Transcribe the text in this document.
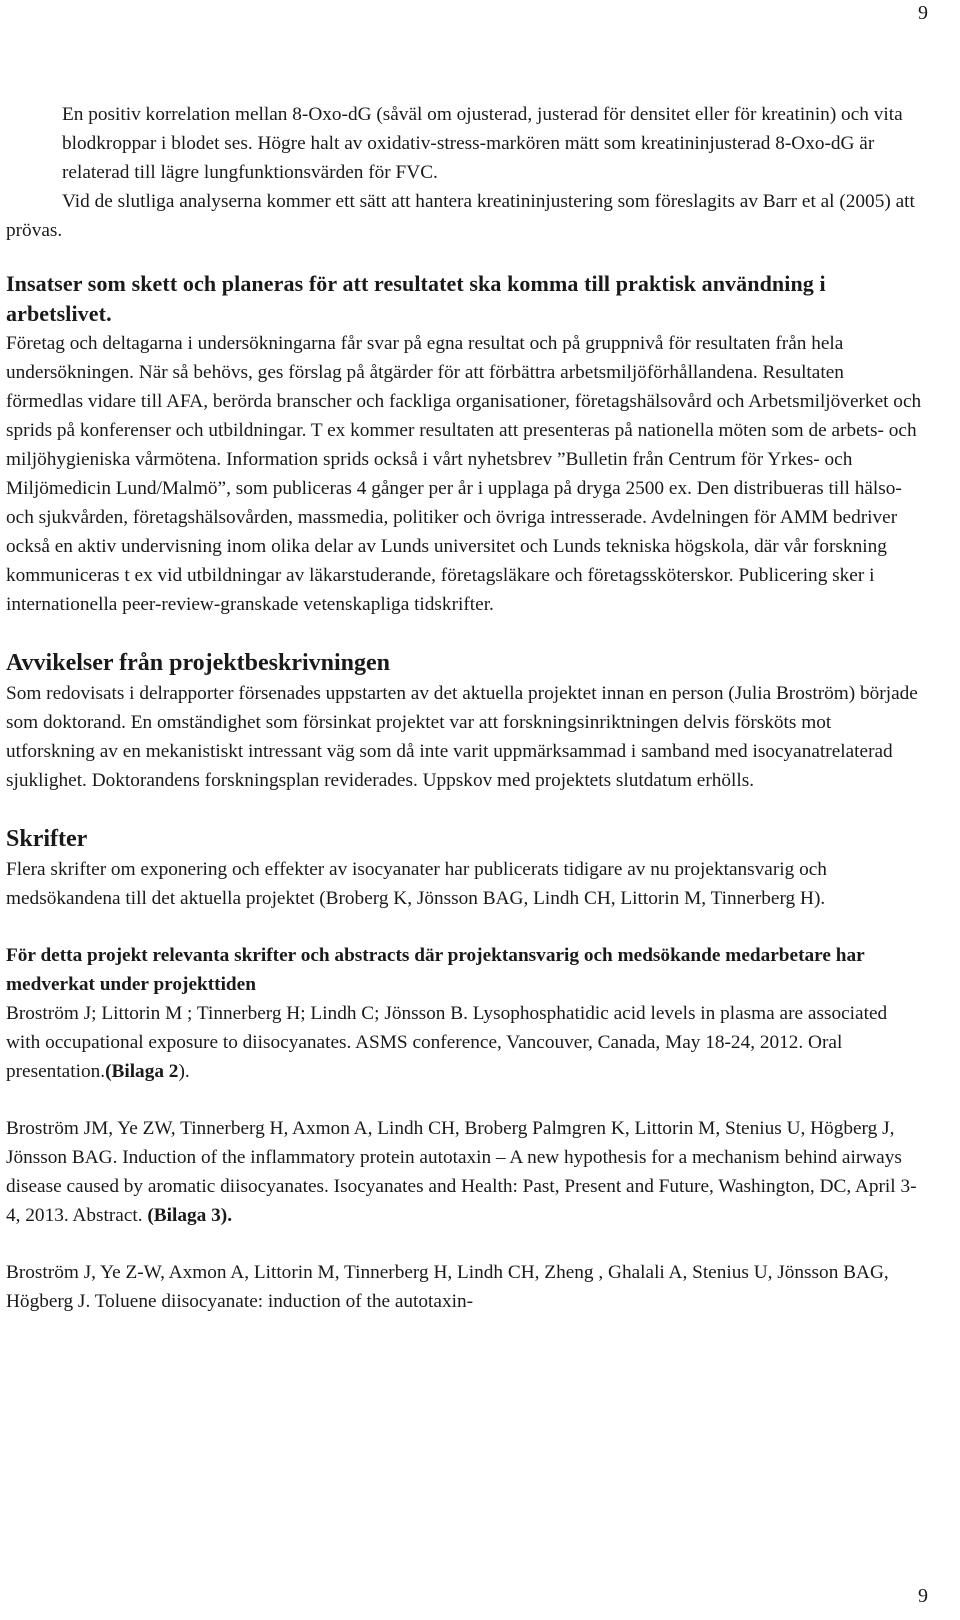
9

En positiv korrelation mellan 8-Oxo-dG (såväl om ojusterad, justerad för densitet eller för kreatinin) och vita blodkroppar i blodet ses. Högre halt av oxidativ-stress-markören mätt som kreatininjusterad 8-Oxo-dG är relaterad till lägre lungfunktionsvärden för FVC.

Vid de slutliga analyserna kommer ett sätt att hantera kreatininjustering som föreslagits av Barr et al (2005) att prövas.

Insatser som skett och planeras för att resultatet ska komma till praktisk användning i arbetslivet.

Företag och deltagarna i undersökningarna får svar på egna resultat och på gruppnivå för resultaten från hela undersökningen. När så behövs, ges förslag på åtgärder för att förbättra arbetsmiljöförhållandena. Resultaten förmedlas vidare till AFA, berörda branscher och fackliga organisationer, företagshälsovård och Arbetsmiljöverket och sprids på konferenser och utbildningar. T ex kommer resultaten att presenteras på nationella möten som de arbets- och miljöhygieniska vårmötena. Information sprids också i vårt nyhetsbrev ”Bulletin från Centrum för Yrkes- och Miljömedicin Lund/Malmö”, som publiceras 4 gånger per år i upplaga på dryga 2500 ex. Den distribueras till hälso- och sjukvården, företagshälsovården, massmedia, politiker och övriga intresserade. Avdelningen för AMM bedriver också en aktiv undervisning inom olika delar av Lunds universitet och Lunds tekniska högskola, där vår forskning kommuniceras t ex vid utbildningar av läkarstuderande, företagsläkare och företagssköterskor. Publicering sker i internationella peer-review-granskade vetenskapliga tidskrifter.

Avvikelser från projektbeskrivningen

Som redovisats i delrapporter försenades uppstarten av det aktuella projektet innan en person (Julia Broström) började som doktorand. En omständighet som försinkat projektet var att forskningsinriktningen delvis försköts mot utforskning av en mekanistiskt intressant väg som då inte varit uppmärksammad i samband med isocyanatrelaterad sjuklighet. Doktorandens forskningsplan reviderades. Uppskov med projektets slutdatum erhölls.

Skrifter

Flera skrifter om exponering och effekter av isocyanater har publicerats tidigare av nu projektansvarig och medsökandena till det aktuella projektet (Broberg K, Jönsson BAG, Lindh CH, Littorin M, Tinnerberg H).

För detta projekt relevanta skrifter och abstracts där projektansvarig och medsökande medarbetare har medverkat under projekttiden

Broström J; Littorin M ; Tinnerberg H; Lindh C; Jönsson B. Lysophosphatidic acid levels in plasma are associated with occupational exposure to diisocyanates. ASMS conference, Vancouver, Canada, May 18-24, 2012. Oral presentation.(Bilaga 2).

Broström JM, Ye ZW, Tinnerberg H, Axmon A, Lindh CH, Broberg Palmgren K, Littorin M, Stenius U, Högberg J, Jönsson BAG. Induction of the inflammatory protein autotaxin – A new hypothesis for a mechanism behind airways disease caused by aromatic diisocyanates. Isocyanates and Health: Past, Present and Future, Washington, DC, April 3-4, 2013. Abstract. (Bilaga 3).

Broström J, Ye Z-W, Axmon A, Littorin M, Tinnerberg H, Lindh CH, Zheng , Ghalali A, Stenius U, Jönsson BAG, Högberg J. Toluene diisocyanate: induction of the autotaxin-

9
